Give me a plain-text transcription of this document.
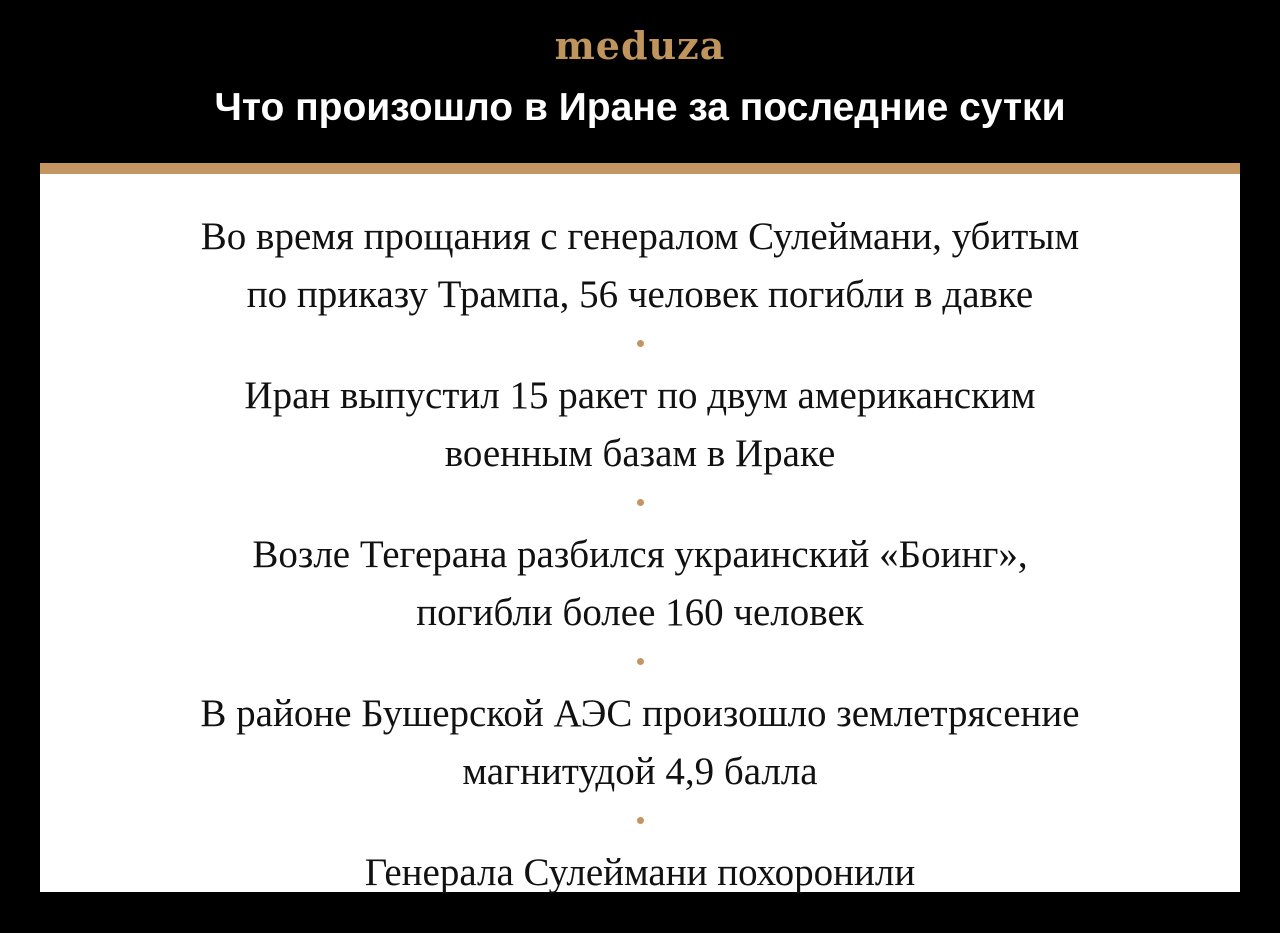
meduza
Что произошло в Иране за последние сутки
Во время прощания с генералом Сулеймани, убитым
по приказу Трампа, 56 человек погибли в давке
Иран выпустил 15 ракет по двум американским
военным базам в Ираке
Возле Тегерана разбился украинский «Боинг»,
погибли более 160 человек
В районе Бушерской АЭС произошло землетрясение
магнитудой 4,9 балла
Генерала Сулеймани похоронили
